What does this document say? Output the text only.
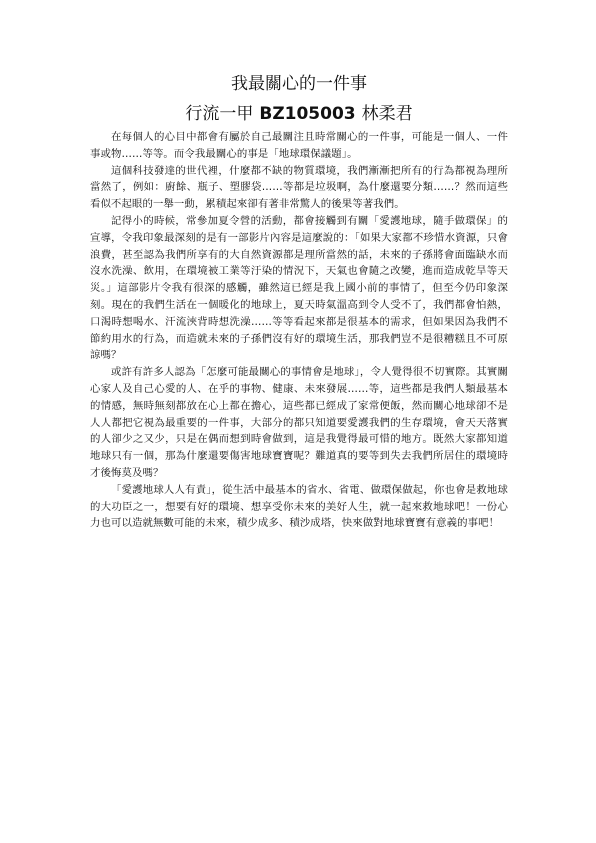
我最關心的一件事
行流一甲 BZ105003 林柔君

在每個人的心目中都會有屬於自己最關注且時常關心的一件事，可能是一個人、一件事或物……等等。而令我最關心的事是「地球環保議題」。

這個科技發達的世代裡，什麼都不缺的物質環境，我們漸漸把所有的行為都視為理所當然了，例如：廚餘、瓶子、塑膠袋……等都是垃圾啊，為什麼還要分類……？然而這些看似不起眼的一舉一動，累積起來卻有著非常驚人的後果等著我們。

記得小的時候，常參加夏令營的活動，都會接觸到有關「愛護地球，隨手做環保」的宣導，令我印象最深刻的是有一部影片內容是這麼說的：「如果大家都不珍惜水資源，只會浪費，甚至認為我們所享有的大自然資源都是理所當然的話，未來的子孫將會面臨缺水而沒水洗澡、飲用，在環境被工業等汙染的情況下，天氣也會隨之改變，進而造成乾旱等天災。」這部影片令我有很深的感觸，雖然這已經是我上國小前的事情了，但至今仍印象深刻。現在的我們生活在一個暖化的地球上，夏天時氣溫高到令人受不了，我們都會怕熱，口渴時想喝水、汗流浹背時想洗澡……等等看起來都是很基本的需求，但如果因為我們不節約用水的行為，而造就未來的子孫們沒有好的環境生活，那我們豈不是很糟糕且不可原諒嗎？

或許有許多人認為「怎麼可能最關心的事情會是地球」，令人覺得很不切實際。其實關心家人及自己心愛的人、在乎的事物、健康、未來發展……等，這些都是我們人類最基本的情感，無時無刻都放在心上都在擔心，這些都已經成了家常便飯，然而關心地球卻不是人人都把它視為最重要的一件事，大部分的都只知道要愛護我們的生存環境，會天天落實的人卻少之又少，只是在偶而想到時會做到，這是我覺得最可惜的地方。既然大家都知道地球只有一個，那為什麼還要傷害地球寶寶呢？難道真的要等到失去我們所居住的環境時才後悔莫及嗎？

「愛護地球人人有責」，從生活中最基本的省水、省電、做環保做起，你也會是救地球的大功臣之一，想要有好的環境、想享受你未來的美好人生，就一起來救地球吧！一份心力也可以造就無數可能的未來，積少成多、積沙成塔，快來做對地球寶寶有意義的事吧！
